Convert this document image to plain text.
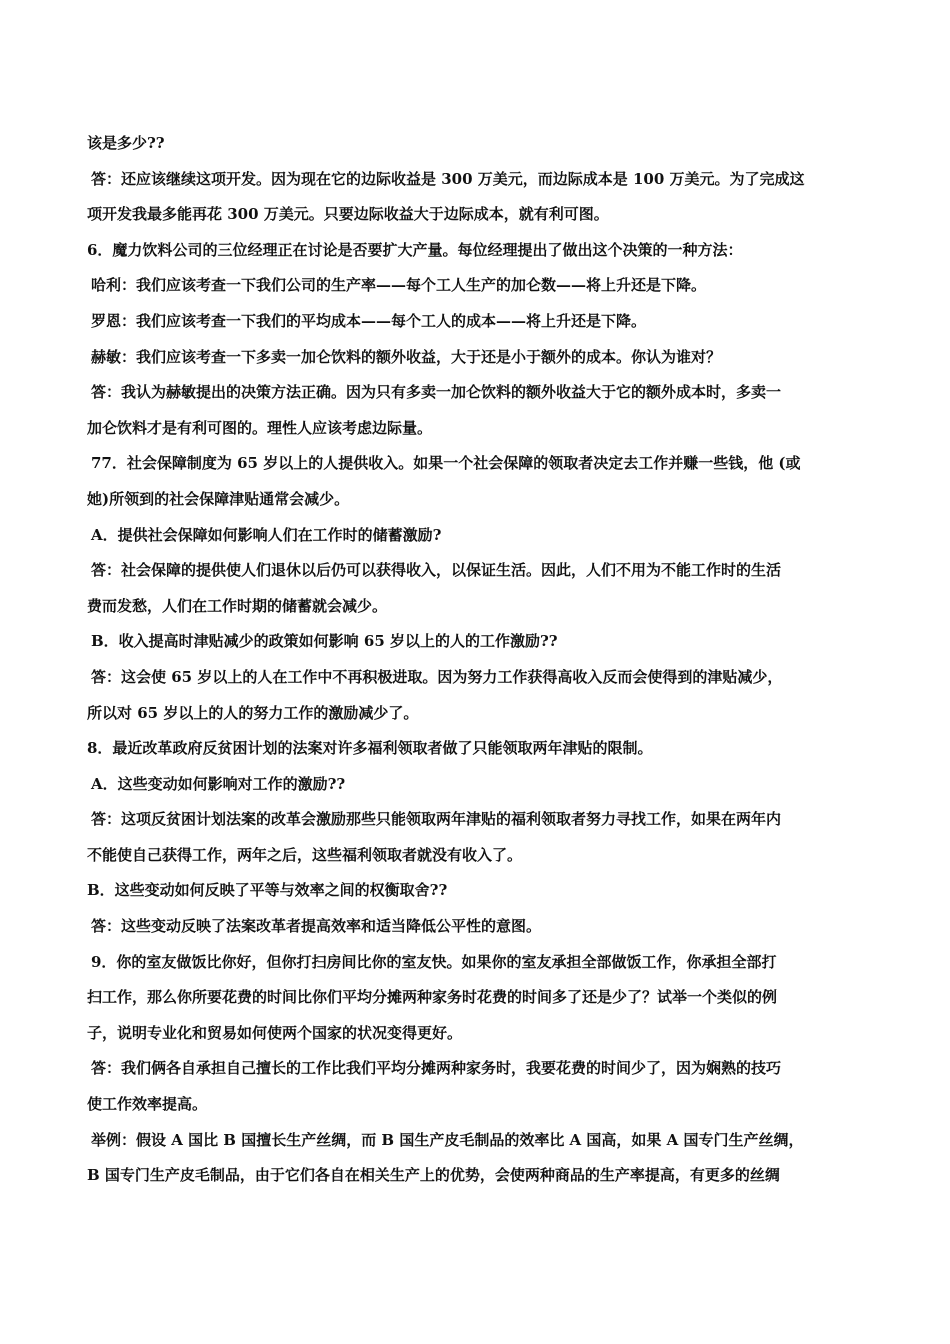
该是多少??
答：还应该继续这项开发。因为现在它的边际收益是 300 万美元，而边际成本是 100 万美元。为了完成这
项开发我最多能再花 300 万美元。只要边际收益大于边际成本，就有利可图。
6．魔力饮料公司的三位经理正在讨论是否要扩大产量。每位经理提出了做出这个决策的一种方法：
哈利：我们应该考查一下我们公司的生产率——每个工人生产的加仑数——将上升还是下降。
罗恩：我们应该考查一下我们的平均成本——每个工人的成本——将上升还是下降。
赫敏：我们应该考查一下多卖一加仑饮料的额外收益，大于还是小于额外的成本。你认为谁对？
答：我认为赫敏提出的决策方法正确。因为只有多卖一加仑饮料的额外收益大于它的额外成本时，多卖一
加仑饮料才是有利可图的。理性人应该考虑边际量。
77．社会保障制度为 65 岁以上的人提供收入。如果一个社会保障的领取者决定去工作并赚一些钱，他 (或
她)所领到的社会保障津贴通常会减少。
A．提供社会保障如何影响人们在工作时的储蓄激励?
答：社会保障的提供使人们退休以后仍可以获得收入，以保证生活。因此，人们不用为不能工作时的生活
费而发愁，人们在工作时期的储蓄就会减少。
B．收入提高时津贴减少的政策如何影响 65 岁以上的人的工作激励??
答：这会使 65 岁以上的人在工作中不再积极进取。因为努力工作获得高收入反而会使得到的津贴减少，
所以对 65 岁以上的人的努力工作的激励减少了。
8．最近改革政府反贫困计划的法案对许多福利领取者做了只能领取两年津贴的限制。
A．这些变动如何影响对工作的激励??
答：这项反贫困计划法案的改革会激励那些只能领取两年津贴的福利领取者努力寻找工作，如果在两年内
不能使自己获得工作，两年之后，这些福利领取者就没有收入了。
B．这些变动如何反映了平等与效率之间的权衡取舍??
答：这些变动反映了法案改革者提高效率和适当降低公平性的意图。
9．你的室友做饭比你好，但你打扫房间比你的室友快。如果你的室友承担全部做饭工作，你承担全部打
扫工作，那么你所要花费的时间比你们平均分摊两种家务时花费的时间多了还是少了？试举一个类似的例
子，说明专业化和贸易如何使两个国家的状况变得更好。
答：我们俩各自承担自己擅长的工作比我们平均分摊两种家务时，我要花费的时间少了，因为娴熟的技巧
使工作效率提高。
举例：假设 A 国比 B 国擅长生产丝绸，而 B 国生产皮毛制品的效率比 A 国高，如果 A 国专门生产丝绸，
B 国专门生产皮毛制品，由于它们各自在相关生产上的优势，会使两种商品的生产率提高，有更多的丝绸
